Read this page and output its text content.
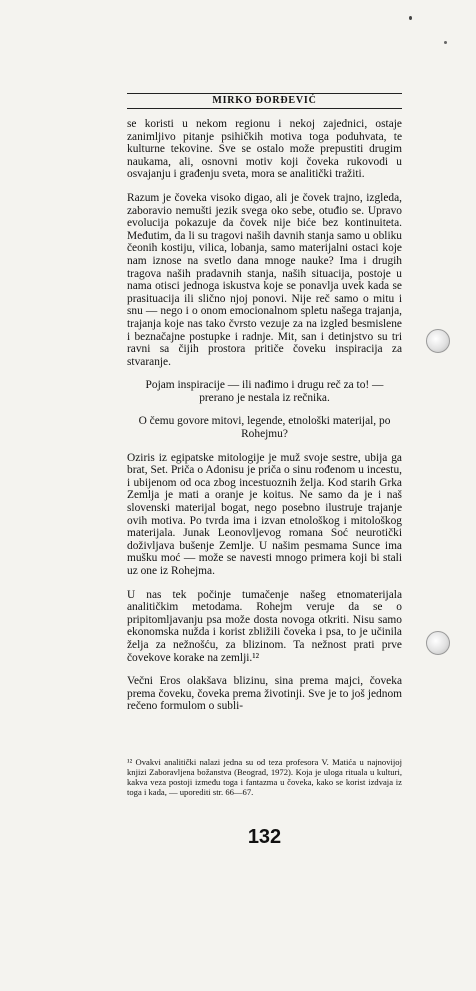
MIRKO ĐORĐEVIĆ

se koristi u nekom regionu i nekoj zajednici, ostaje zanimljivo pitanje psihičkih motiva toga poduhvata, te kulturne tekovine. Sve se ostalo može prepustiti drugim naukama, ali, osnovni motiv koji čoveka rukovodi u osvajanju i građenju sveta, mora se analitički tražiti.

Razum je čoveka visoko digao, ali je čovek trajno, izgleda, zaboravio nemušti jezik svega oko sebe, otuđio se. Upravo evolucija pokazuje da čovek nije biće bez kontinuiteta. Međutim, da li su tragovi naših davnih stanja samo u obliku čeonih kostiju, vilica, lobanja, samo materijalni ostaci koje nam iznose na svetlo dana mnoge nauke? Ima i drugih tragova naših pradavnih stanja, naših situacija, postoje u nama otisci jednoga iskustva koje se ponavlja uvek kada se prasituacija ili slično njoj ponovi. Nije reč samo o mitu i snu — nego i o onom emocionalnom spletu našega trajanja, trajanja koje nas tako čvrsto vezuje za na izgled besmislene i beznačajne postupke i radnje. Mit, san i detinjstvo su tri ravni sa čijih prostora pritiče čoveku inspiracija za stvaranje.

Pojam inspiracije — ili nađimo i drugu reč za to! — prerano je nestala iz rečnika.

O čemu govore mitovi, legende, etnološki materijal, po Rohejmu?

Oziris iz egipatske mitologije je muž svoje sestre, ubija ga brat, Set. Priča o Adonisu je priča o sinu rođenom u incestu, i ubijenom od oca zbog incestuoznih želja. Kod starih Grka Zemlja je mati a oranje je koitus. Ne samo da je i naš slovenski materijal bogat, nego posebno ilustruje trajanje ovih motiva. Po tvrda ima i izvan etnološkog i mitološkog materijala. Junak Leonovljevog romana Soć neurotički doživljava bušenje Zemlje. U našim pesmama Sunce ima mušku moć — može se navesti mnogo primera koji bi stali uz one iz Rohejma.

U nas tek počinje tumačenje našeg etnomaterijala analitičkim metodama. Rohejm veruje da se o pripitomljavanju psa može dosta novoga otkriti. Nisu samo ekonomska nužda i korist zbližili čoveka i psa, to je učinila želja za nežnošću, za blizinom. Ta nežnost prati prve čovekove korake na zemlji.¹²

Večni Eros olakšava blizinu, sina prema majci, čoveka prema čoveku, čoveka prema životinji. Sve je to još jednom rečeno formulom o subli-

¹² Ovakvi analitički nalazi jedna su od teza profesora V. Matića u najnovijoj knjizi Zaboravljena božanstva (Beograd, 1972). Koja je uloga rituala u kulturi, kakva veza postoji između toga i fantazma u čoveka, kako se korist izdvaja iz toga i kada, — uporediti str. 66—67.

132
